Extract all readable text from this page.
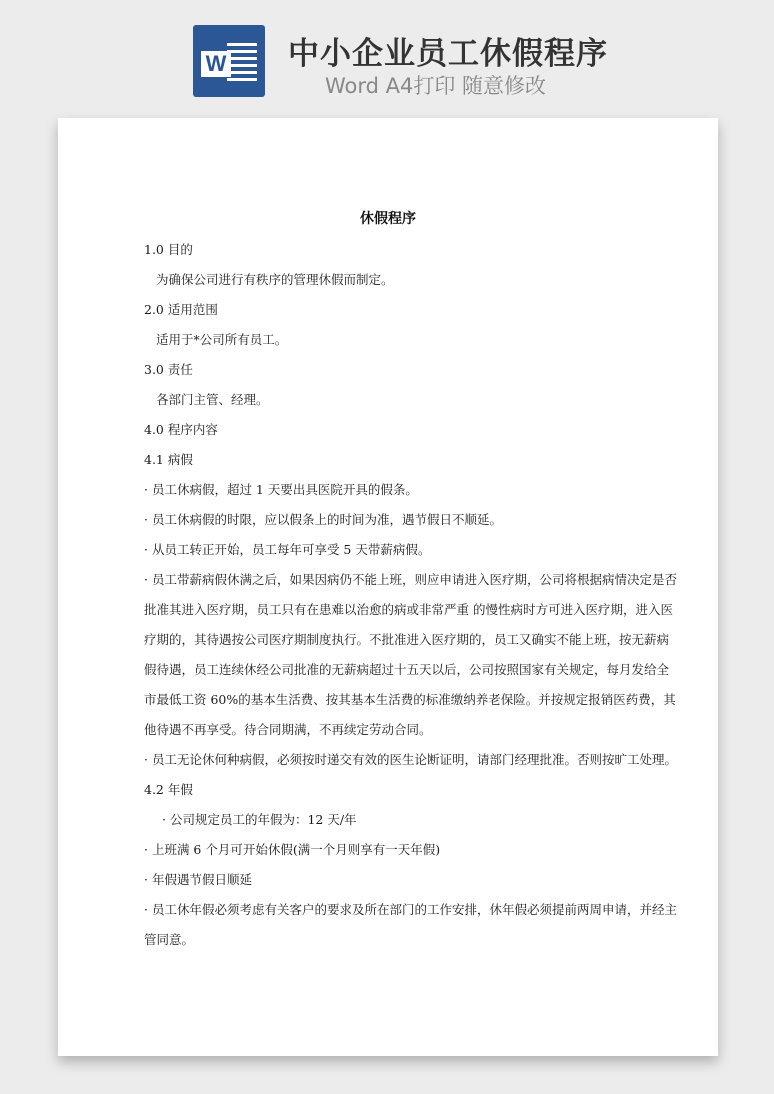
W 中小企业员工休假程序
Word A4打印 随意修改
休假程序
1.0 目的
为确保公司进行有秩序的管理休假而制定。
2.0 适用范围
适用于*公司所有员工。
3.0 责任
各部门主管、经理。
4.0 程序内容
4.1 病假
· 员工休病假，超过 1 天要出具医院开具的假条。
· 员工休病假的时限，应以假条上的时间为准，遇节假日不顺延。
· 从员工转正开始，员工每年可享受 5 天带薪病假。
· 员工带薪病假休满之后，如果因病仍不能上班，则应申请进入医疗期，公司将根据病情决定是否
批准其进入医疗期，员工只有在患难以治愈的病或非常严重 的慢性病时方可进入医疗期，进入医
疗期的，其待遇按公司医疗期制度执行。不批准进入医疗期的，员工又确实不能上班，按无薪病
假待遇，员工连续休经公司批准的无薪病超过十五天以后，公司按照国家有关规定，每月发给全
市最低工资 60%的基本生活费、按其基本生活费的标准缴纳养老保险。并按规定报销医药费，其
他待遇不再享受。待合同期满，不再续定劳动合同。
· 员工无论休何种病假，必须按时递交有效的医生论断证明，请部门经理批准。否则按旷工处理。
4.2 年假
· 公司规定员工的年假为：12 天/年
· 上班满 6 个月可开始休假(满一个月则享有一天年假)
· 年假遇节假日顺延
· 员工休年假必须考虑有关客户的要求及所在部门的工作安排，休年假必须提前两周申请，并经主
管同意。
